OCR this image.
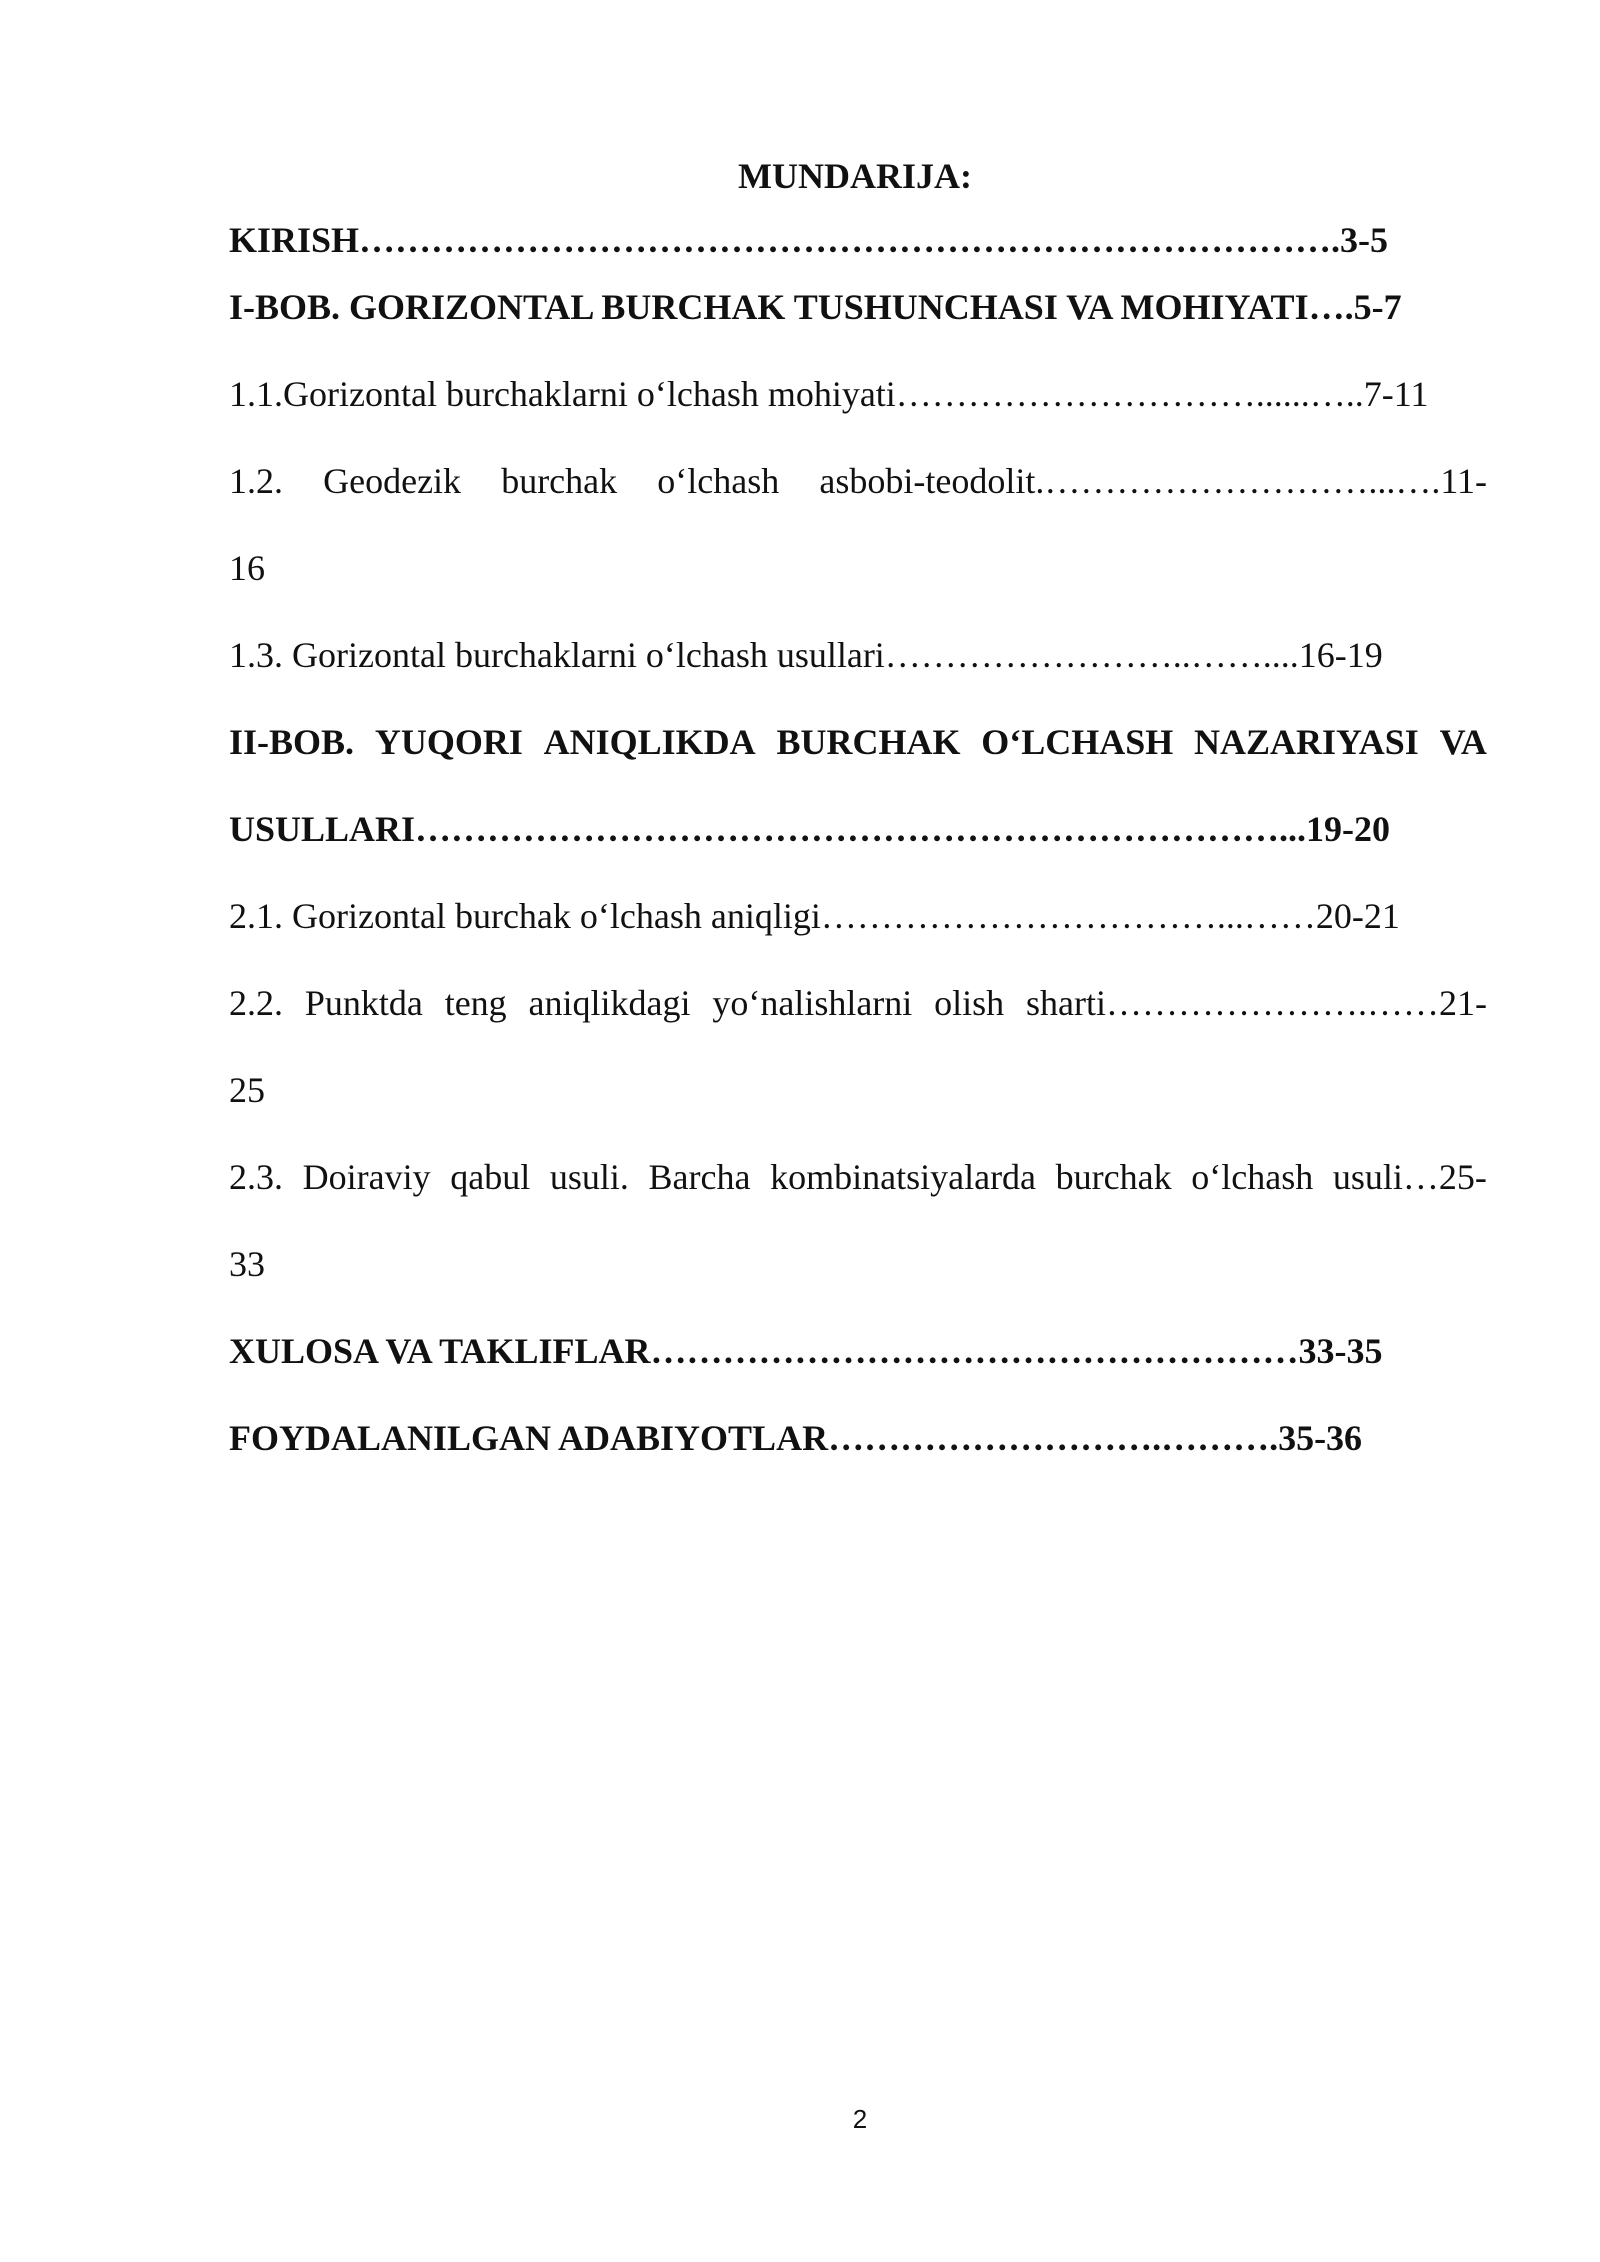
MUNDARIJA:
KIRISH……………………………………………………………………….3-5
I-BOB. GORIZONTAL BURCHAK TUSHUNCHASI VA MOHIYATI….5-7
1.1.Gorizontal burchaklarni o‘lchash mohiyati…………………………......…..7-11
1.2. Geodezik burchak o‘lchash asbobi-teodolit.………………………...….11-
16
1.3. Gorizontal burchaklarni o‘lchash usullari……………………..……....16-19
II-BOB. YUQORI ANIQLIKDA BURCHAK O‘LCHASH NAZARIYASI VA
USULLARI………………………………………………………………...19-20
2.1. Gorizontal burchak o‘lchash aniqligi……………………………...……20-21
2.2. Punktda teng aniqlikdagi yo‘nalishlarni olish sharti………………….……21-
25
2.3. Doiraviy qabul usuli. Barcha kombinatsiyalarda burchak o‘lchash usuli…25-
33
XULOSA VA TAKLIFLAR………………………………………………33-35
FOYDALANILGAN ADABIYOTLAR……………………….……….35-36
2
